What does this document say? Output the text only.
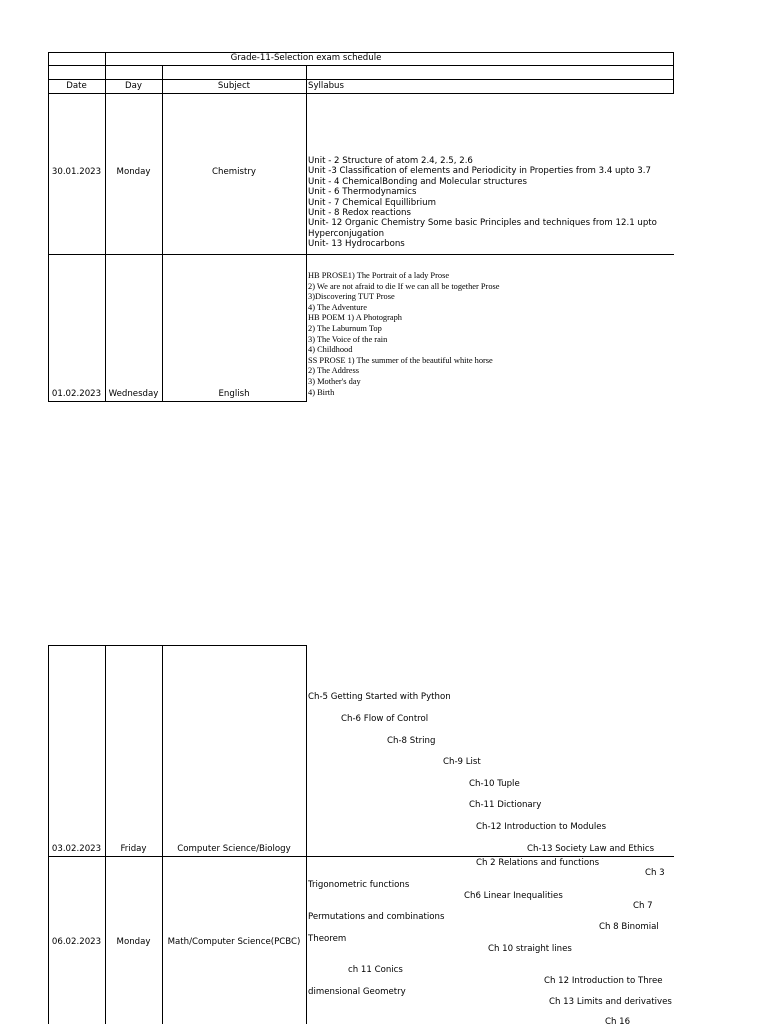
Grade-11-Selection exam schedule
Date	Day	Subject	Syllabus
30.01.2023	Monday	Chemistry
Unit - 2 Structure of atom 2.4, 2.5, 2.6
Unit -3 Classification of elements and Periodicity in Properties from 3.4 upto 3.7
Unit - 4 ChemicalBonding and Molecular structures
Unit - 6 Thermodynamics
Unit - 7 Chemical Equillibrium
Unit - 8 Redox reactions
Unit- 12 Organic Chemistry Some basic Principles and techniques from 12.1 upto
Hyperconjugation
Unit- 13 Hydrocarbons
01.02.2023 Wednesday	English
HB PROSE1) The Portrait of a lady Prose
2) We are not afraid to die If we can all be together Prose
3)Discovering TUT Prose
4) The Adventure
HB POEM 1) A Photograph
2) The Laburnum Top
3) The Voice of the rain
4) Childhood
SS PROSE 1) The summer of the beautiful white horse
2) The Address
3) Mother's day
4) Birth
03.02.2023	Friday	Computer Science/Biology
Ch-5 Getting Started with Python
Ch-6 Flow of Control
Ch-8 String
Ch-9 List
Ch-10 Tuple
Ch-11 Dictionary
Ch-12 Introduction to Modules
Ch-13 Society Law and Ethics
06.02.2023	Monday	Math/Computer Science(PCBC)
Ch 2 Relations and functions
Ch 3
Trigonometric functions
Ch6 Linear Inequalities
Ch 7
Permutations and combinations
Ch 8 Binomial
Theorem
Ch 10 straight lines
ch 11 Conics
Ch 12 Introduction to Three
dimensional Geometry
Ch 13 Limits and derivatives
Ch 16
